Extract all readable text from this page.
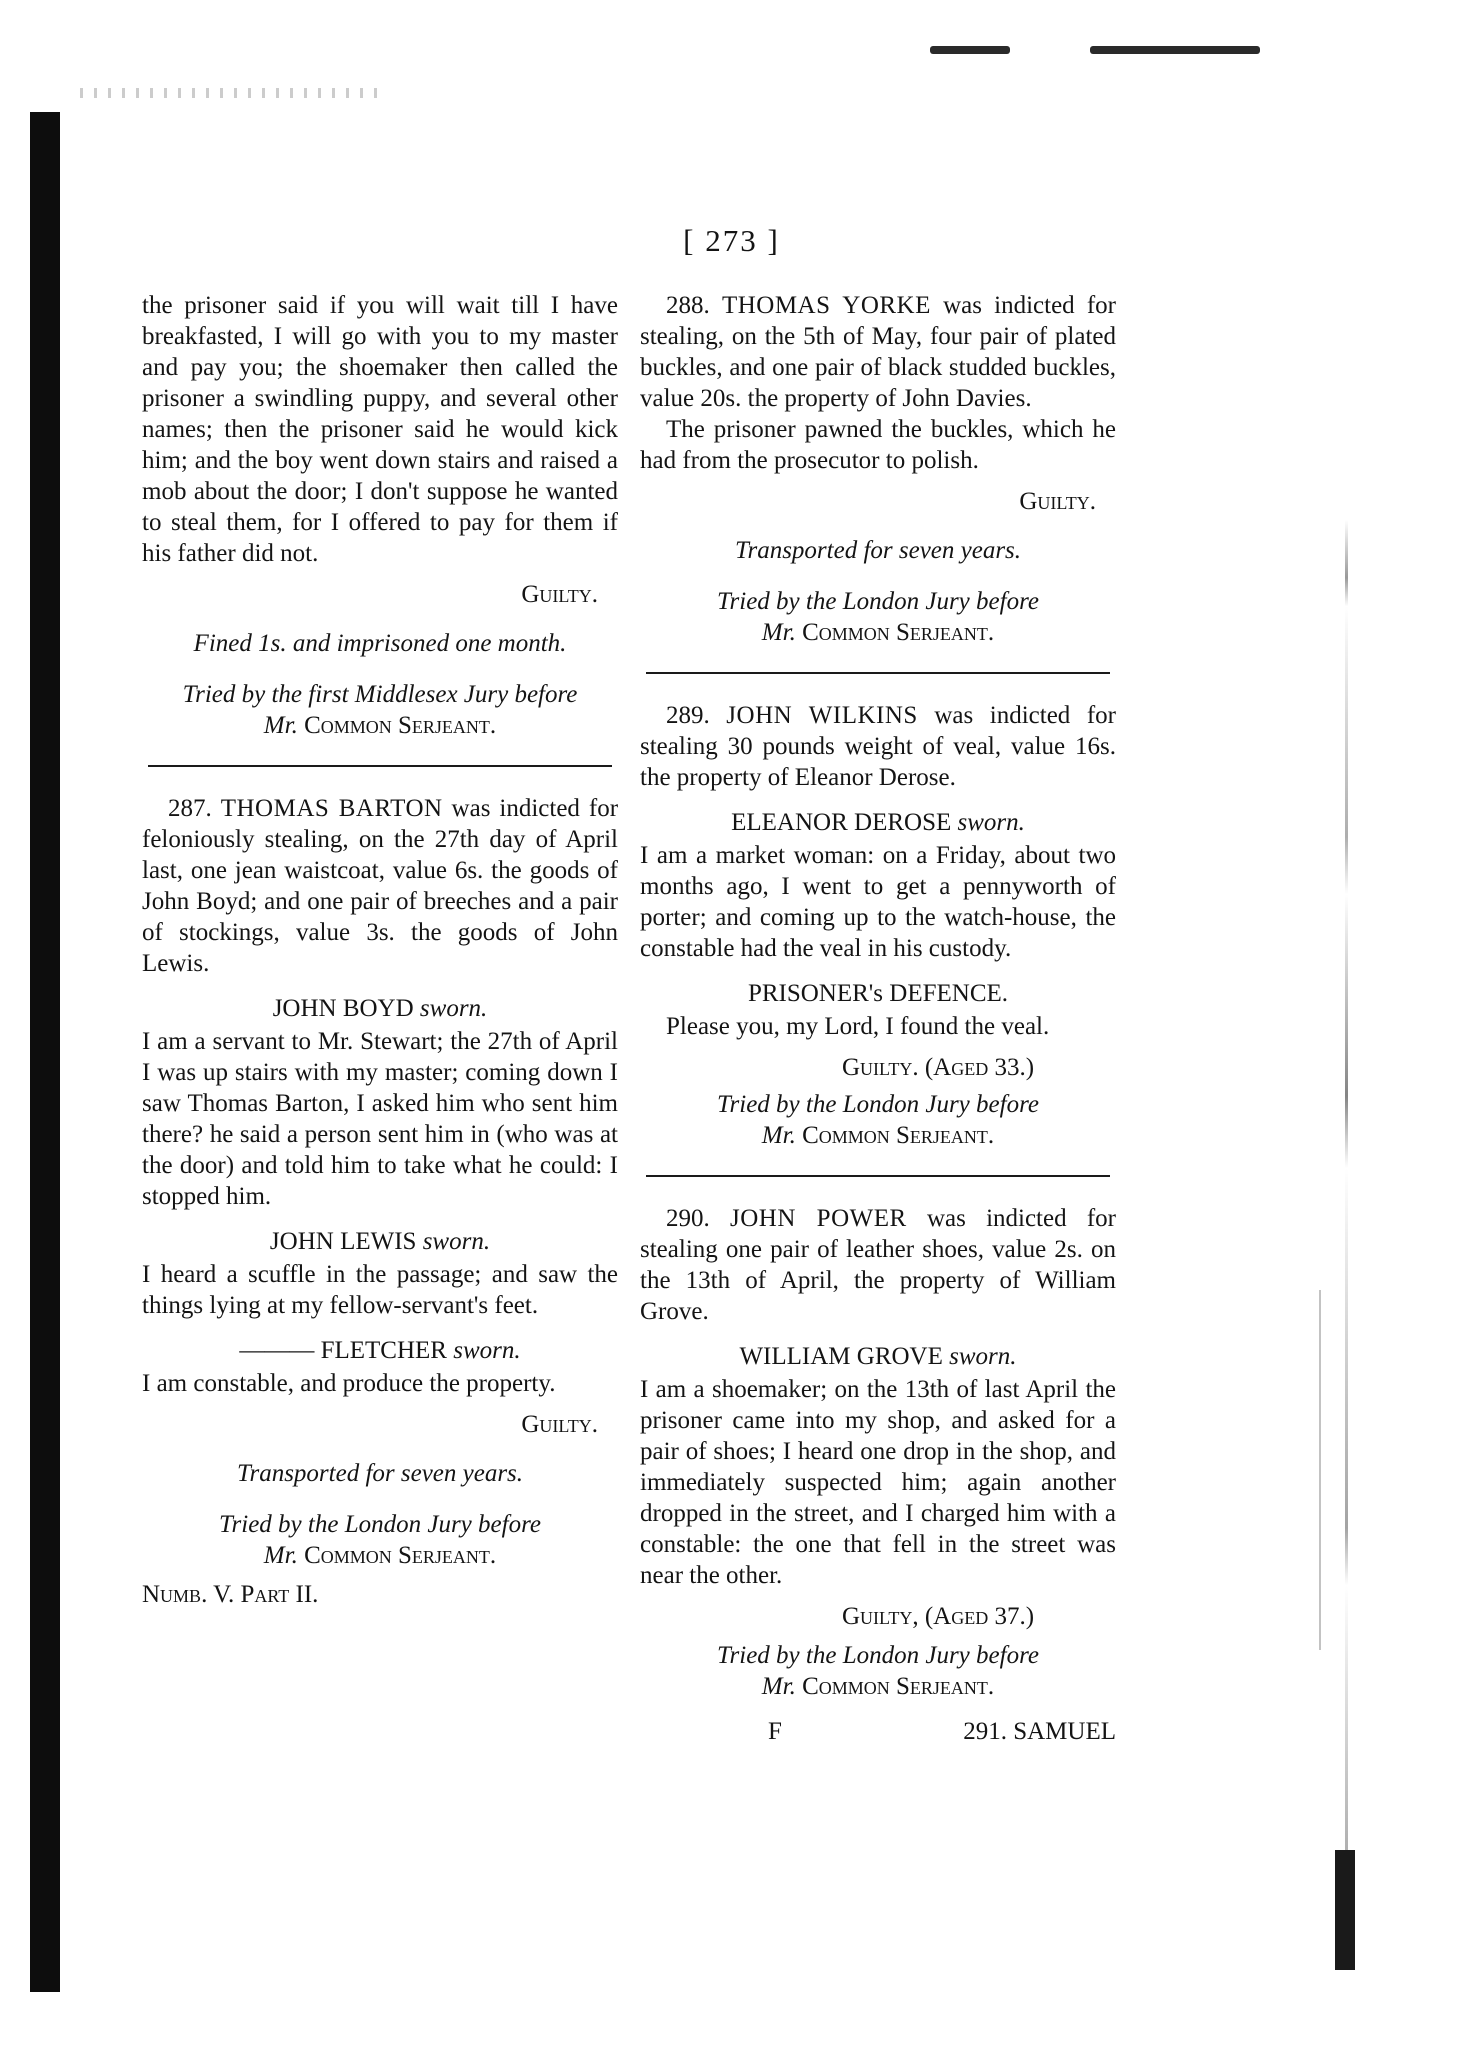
[ 273 ]

the prisoner said if you will wait till I have breakfasted, I will go with you to my master and pay you; the shoemaker then called the prisoner a swindling puppy, and several other names; then the prisoner said he would kick him; and the boy went down stairs and raised a mob about the door; I don't suppose he wanted to steal them, for I offered to pay for them if his father did not.

Guilty.
Fined 1s. and imprisoned one month.
Tried by the first Middlesex Jury before
Mr. Common Serjeant.

287. THOMAS BARTON was indicted for feloniously stealing, on the 27th day of April last, one jean waistcoat, value 6s. the goods of John Boyd; and one pair of breeches and a pair of stockings, value 3s. the goods of John Lewis.

JOHN BOYD sworn.

I am a servant to Mr. Stewart; the 27th of April I was up stairs with my master; coming down I saw Thomas Barton, I asked him who sent him there? he said a person sent him in (who was at the door) and told him to take what he could: I stopped him.

JOHN LEWIS sworn.

I heard a scuffle in the passage; and saw the things lying at my fellow-servant's feet.

——— FLETCHER sworn.

I am constable, and produce the property.

Guilty.
Transported for seven years.
Tried by the London Jury before
Mr. Common Serjeant.
Numb. V. Part II.

288. THOMAS YORKE was indicted for stealing, on the 5th of May, four pair of plated buckles, and one pair of black studded buckles, value 20s. the property of John Davies.

The prisoner pawned the buckles, which he had from the prosecutor to polish.

Guilty.
Transported for seven years.
Tried by the London Jury before
Mr. Common Serjeant.

289. JOHN WILKINS was indicted for stealing 30 pounds weight of veal, value 16s. the property of Eleanor Derose.

ELEANOR DEROSE sworn.

I am a market woman: on a Friday, about two months ago, I went to get a pennyworth of porter; and coming up to the watch-house, the constable had the veal in his custody.

PRISONER's DEFENCE.

Please you, my Lord, I found the veal.

Guilty. (Aged 33.)
Tried by the London Jury before
Mr. Common Serjeant.

290. JOHN POWER was indicted for stealing one pair of leather shoes, value 2s. on the 13th of April, the property of William Grove.

WILLIAM GROVE sworn.

I am a shoemaker; on the 13th of last April the prisoner came into my shop, and asked for a pair of shoes; I heard one drop in the shop, and immediately suspected him; again another dropped in the street, and I charged him with a constable: the one that fell in the street was near the other.

Guilty, (Aged 37.)
Tried by the London Jury before
Mr. Common Serjeant.
F	291. SAMUEL
